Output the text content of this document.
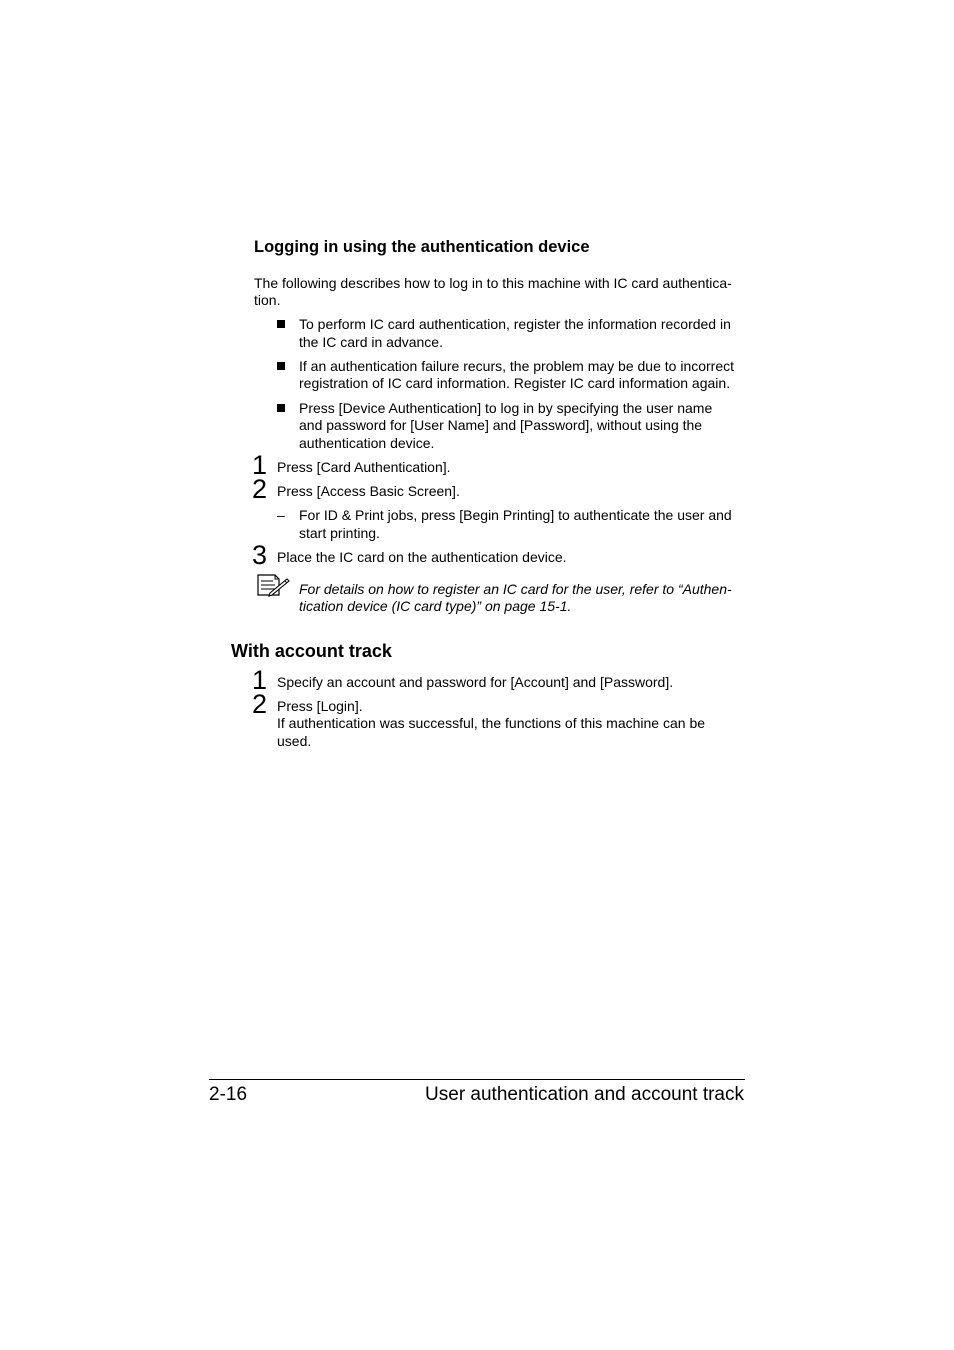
Logging in using the authentication device
The following describes how to log in to this machine with IC card authentica-
tion.
To perform IC card authentication, register the information recorded in
the IC card in advance.
If an authentication failure recurs, the problem may be due to incorrect
registration of IC card information. Register IC card information again.
Press [Device Authentication] to log in by specifying the user name
and password for [User Name] and [Password], without using the
authentication device.
1 Press [Card Authentication].
2 Press [Access Basic Screen].
– For ID & Print jobs, press [Begin Printing] to authenticate the user and
start printing.
3 Place the IC card on the authentication device.
For details on how to register an IC card for the user, refer to “Authen-
tication device (IC card type)” on page 15-1.
With account track
1 Specify an account and password for [Account] and [Password].
2 Press [Login].
If authentication was successful, the functions of this machine can be
used.
2-16	User authentication and account track
